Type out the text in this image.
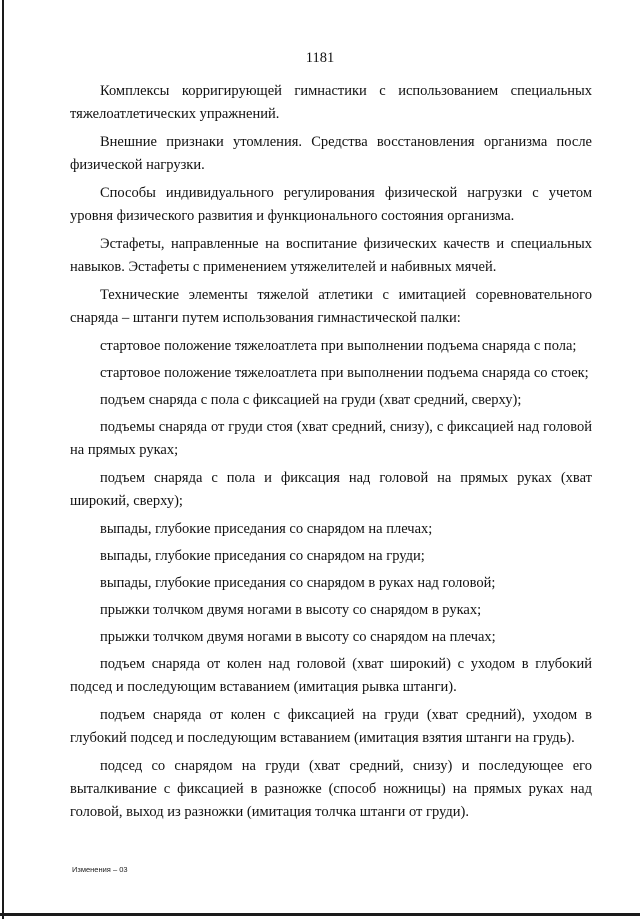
1181

Комплексы корригирующей гимнастики с использованием специальных тяжелоатлетических упражнений.

Внешние признаки утомления. Средства восстановления организма после физической нагрузки.

Способы индивидуального регулирования физической нагрузки с учетом уровня физического развития и функционального состояния организма.

Эстафеты, направленные на воспитание физических качеств и специальных навыков. Эстафеты с применением утяжелителей и набивных мячей.

Технические элементы тяжелой атлетики с имитацией соревновательного снаряда – штанги путем использования гимнастической палки:

стартовое положение тяжелоатлета при выполнении подъема снаряда с пола;

стартовое положение тяжелоатлета при выполнении подъема снаряда со стоек;

подъем снаряда с пола с фиксацией на груди (хват средний, сверху);

подъемы снаряда от груди стоя (хват средний, снизу), с фиксацией над головой на прямых руках;

подъем снаряда с пола и фиксация над головой на прямых руках (хват широкий, сверху);

выпады, глубокие приседания со снарядом на плечах;

выпады, глубокие приседания со снарядом на груди;

выпады, глубокие приседания со снарядом в руках над головой;

прыжки толчком двумя ногами в высоту со снарядом в руках;

прыжки толчком двумя ногами в высоту со снарядом на плечах;

подъем снаряда от колен над головой (хват широкий) с уходом в глубокий подсед и последующим вставанием (имитация рывка штанги).

подъем снаряда от колен с фиксацией на груди (хват средний), уходом в глубокий подсед и последующим вставанием (имитация взятия штанги на грудь).

подсед со снарядом на груди (хват средний, снизу) и последующее его выталкивание с фиксацией в разножке (способ ножницы) на прямых руках над головой, выход из разножки (имитация толчка штанги от груди).

Изменения – 03
